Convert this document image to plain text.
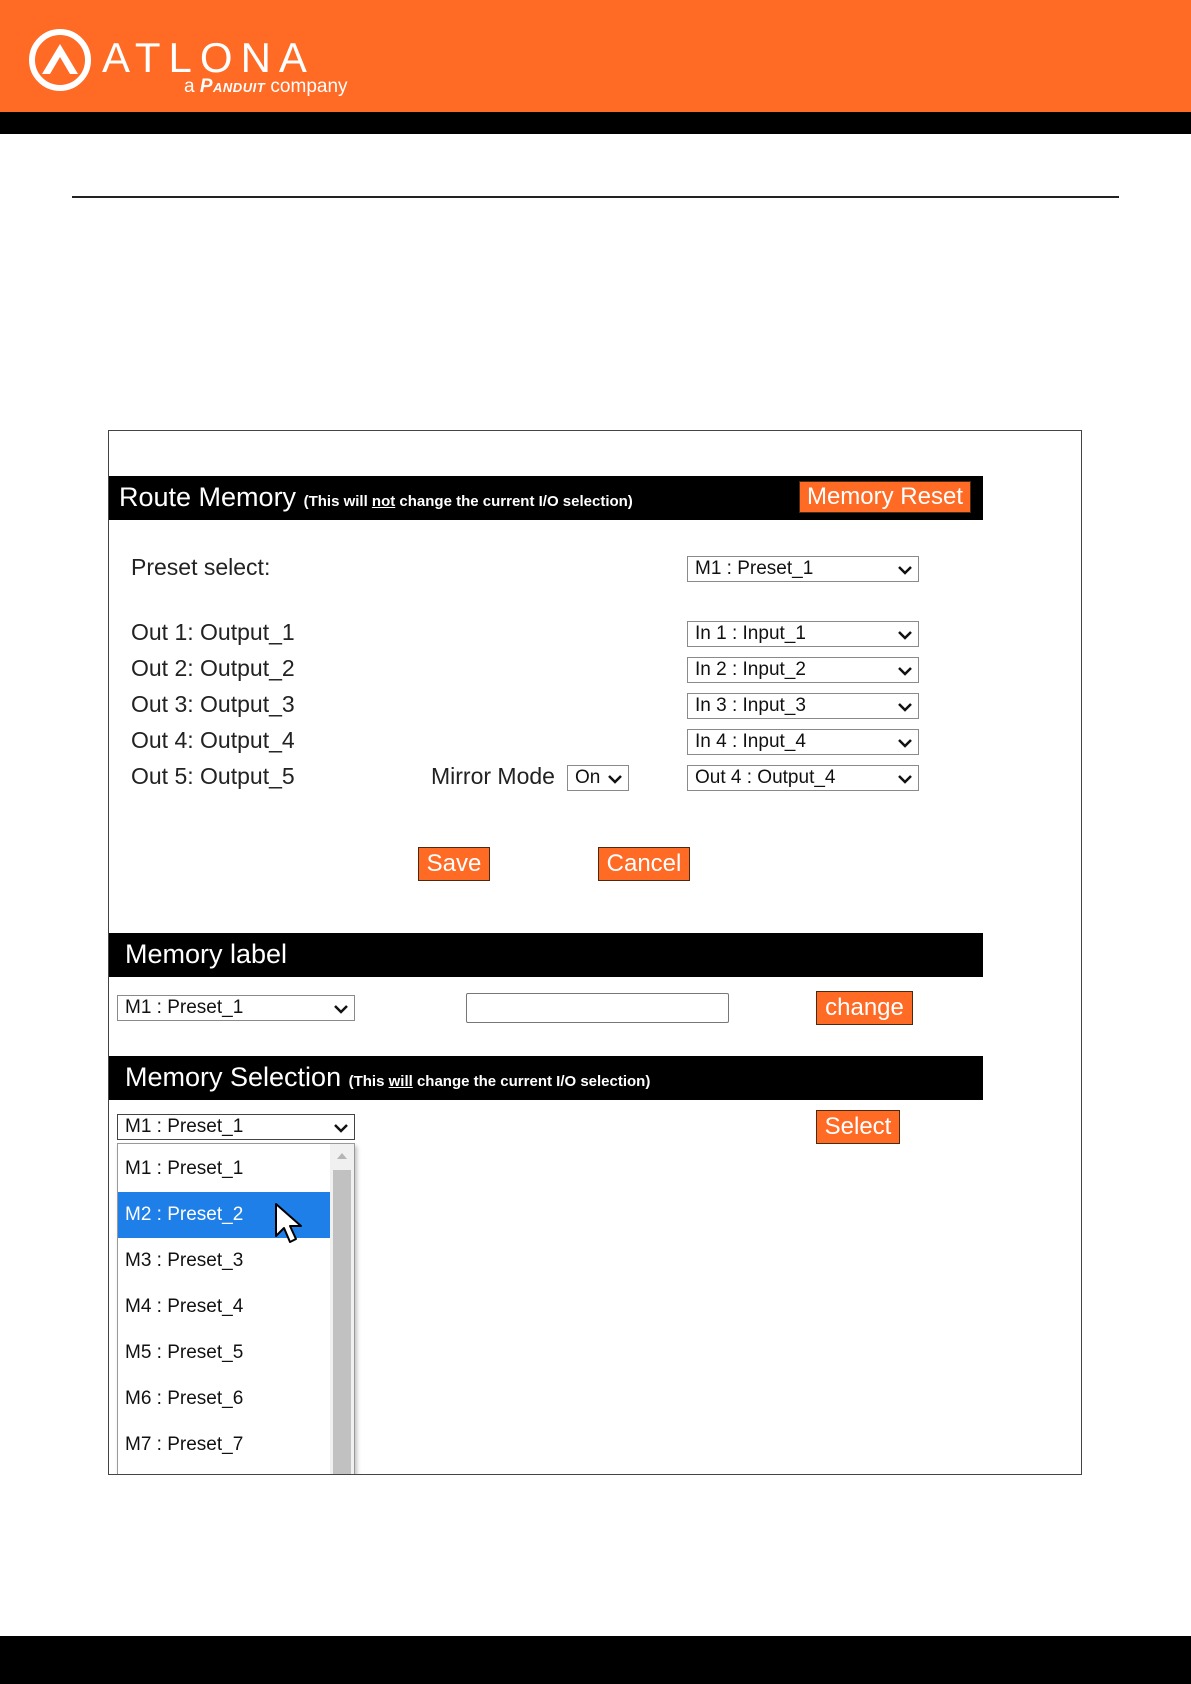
ATLONA
a Panduit company
Route Memory (This will not change the current I/O selection)	Memory Reset
Preset select:	M1 : Preset_1
Out 1: Output_1	In 1 : Input_1
Out 2: Output_2	In 2 : Input_2
Out 3: Output_3	In 3 : Input_3
Out 4: Output_4	In 4 : Input_4
Out 5: Output_5	Mirror Mode	On	Out 4 : Output_4
Save	Cancel
Memory label
M1 : Preset_1	change
Memory Selection (This will change the current I/O selection)
M1 : Preset_1	Select
M1 : Preset_1
M2 : Preset_2
M3 : Preset_3
M4 : Preset_4
M5 : Preset_5
M6 : Preset_6
M7 : Preset_7
